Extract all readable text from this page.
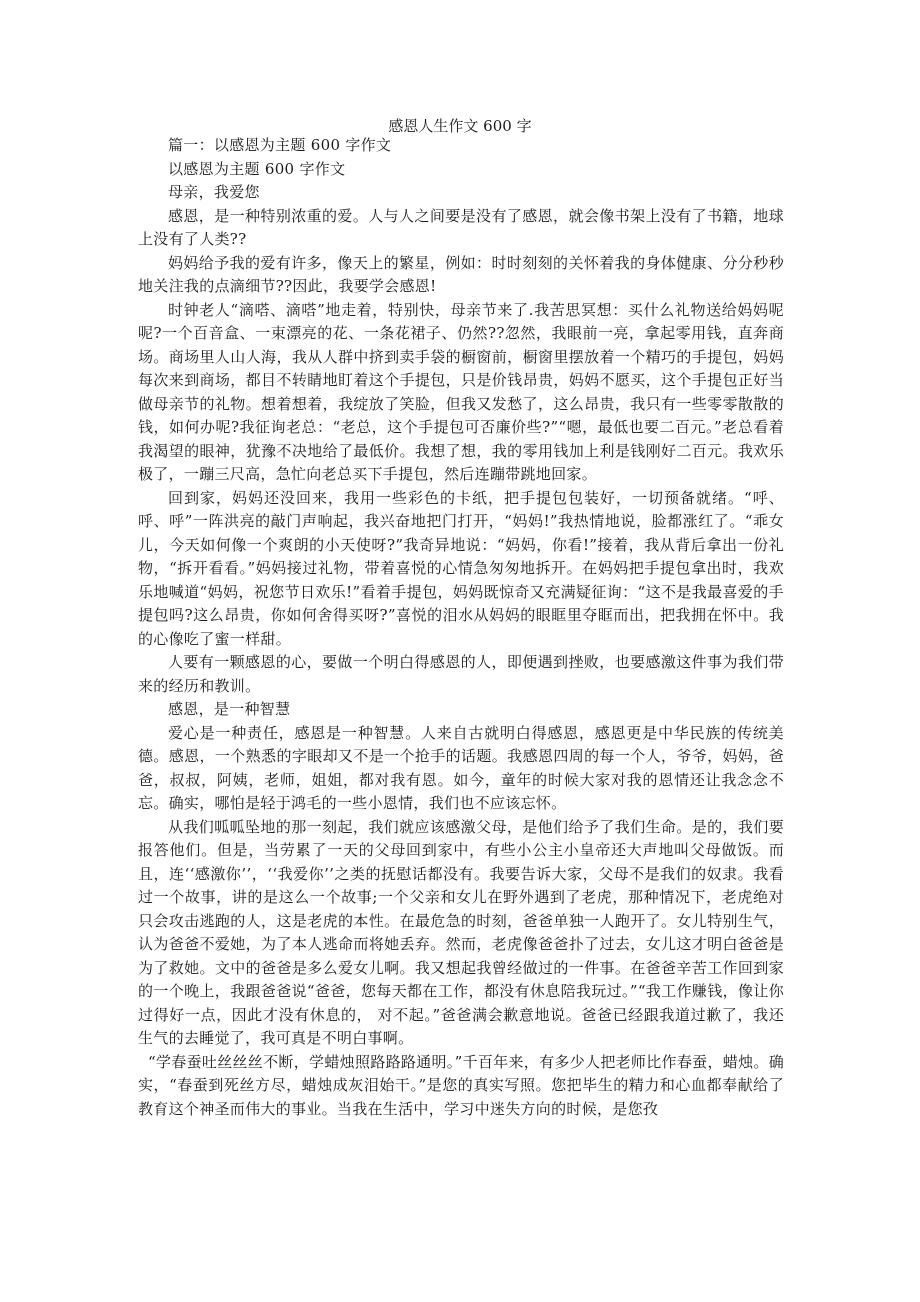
感恩人生作文 600 字

篇一：以感恩为主题 600 字作文

以感恩为主题 600 字作文

母亲，我爱您

感恩，是一种特别浓重的爱。人与人之间要是没有了感恩，就会像书架上没有了书籍，地球上没有了人类??

妈妈给予我的爱有许多，像天上的繁星，例如：时时刻刻的关怀着我的身体健康、分分秒秒地关注我的点滴细节??因此，我要学会感恩!

时钟老人“滴嗒、滴嗒”地走着，特别快，母亲节来了.我苦思冥想：买什么礼物送给妈妈呢呢?一个百音盒、一束漂亮的花、一条花裙子、仍然??忽然，我眼前一亮，拿起零用钱，直奔商场。商场里人山人海，我从人群中挤到卖手袋的橱窗前，橱窗里摆放着一个精巧的手提包，妈妈每次来到商场，都目不转睛地盯着这个手提包，只是价钱昂贵，妈妈不愿买，这个手提包正好当做母亲节的礼物。想着想着，我绽放了笑脸，但我又发愁了，这么昂贵，我只有一些零零散散的钱，如何办呢?我征询老总：“老总，这个手提包可否廉价些?”“嗯，最低也要二百元。”老总看着我渴望的眼神，犹豫不决地给了最低价。我想了想，我的零用钱加上利是钱刚好二百元。我欢乐极了，一蹦三尺高，急忙向老总买下手提包，然后连蹦带跳地回家。

回到家，妈妈还没回来，我用一些彩色的卡纸，把手提包包装好，一切预备就绪。“呼、呼、呼”一阵洪亮的敲门声响起，我兴奋地把门打开，“妈妈!”我热情地说，脸都涨红了。“乖女儿，今天如何像一个爽朗的小天使呀?”我奇异地说：“妈妈，你看!”接着，我从背后拿出一份礼物，“拆开看看。”妈妈接过礼物，带着喜悦的心情急匆匆地拆开。在妈妈把手提包拿出时，我欢乐地喊道“妈妈，祝您节日欢乐!”看着手提包，妈妈既惊奇又充满疑征询：“这不是我最喜爱的手提包吗?这么昂贵，你如何舍得买呀?”喜悦的泪水从妈妈的眼眶里夺眶而出，把我拥在怀中。我的心像吃了蜜一样甜。

人要有一颗感恩的心，要做一个明白得感恩的人，即便遇到挫败，也要感激这件事为我们带来的经历和教训。

感恩，是一种智慧

爱心是一种责任，感恩是一种智慧。人来自古就明白得感恩，感恩更是中华民族的传统美德。感恩，一个熟悉的字眼却又不是一个抢手的话题。我感恩四周的每一个人，爷爷，妈妈，爸爸，叔叔，阿姨，老师，姐姐，都对我有恩。如今，童年的时候大家对我的恩情还让我念念不忘。确实，哪怕是轻于鸿毛的一些小恩情，我们也不应该忘怀。

从我们呱呱坠地的那一刻起，我们就应该感激父母，是他们给予了我们生命。是的，我们要报答他们。但是，当劳累了一天的父母回到家中，有些小公主小皇帝还大声地叫父母做饭。而且，连‘‘感激你’’，‘‘我爱你’’之类的抚慰话都没有。我要告诉大家，父母不是我们的奴隶。我看过一个故事，讲的是这么一个故事;一个父亲和女儿在野外遇到了老虎，那种情况下，老虎绝对只会攻击逃跑的人，这是老虎的本性。在最危急的时刻，爸爸单独一人跑开了。女儿特别生气，认为爸爸不爱她，为了本人逃命而将她丢弃。然而，老虎像爸爸扑了过去，女儿这才明白爸爸是为了救她。文中的爸爸是多么爱女儿啊。我又想起我曾经做过的一件事。在爸爸辛苦工作回到家的一个晚上，我跟爸爸说“爸爸，您每天都在工作，都没有休息陪我玩过。”“我工作赚钱，像让你过得好一点，因此才没有休息的， 对不起。”爸爸满会歉意地说。爸爸已经跟我道过歉了，我还生气的去睡觉了，我可真是不明白事啊。

“学春蚕吐丝丝丝不断，学蜡烛照路路路通明。”千百年来，有多少人把老师比作春蚕，蜡烛。确实，“春蚕到死丝方尽，蜡烛成灰泪始干。”是您的真实写照。您把毕生的精力和心血都奉献给了教育这个神圣而伟大的事业。当我在生活中，学习中迷失方向的时候，是您孜
